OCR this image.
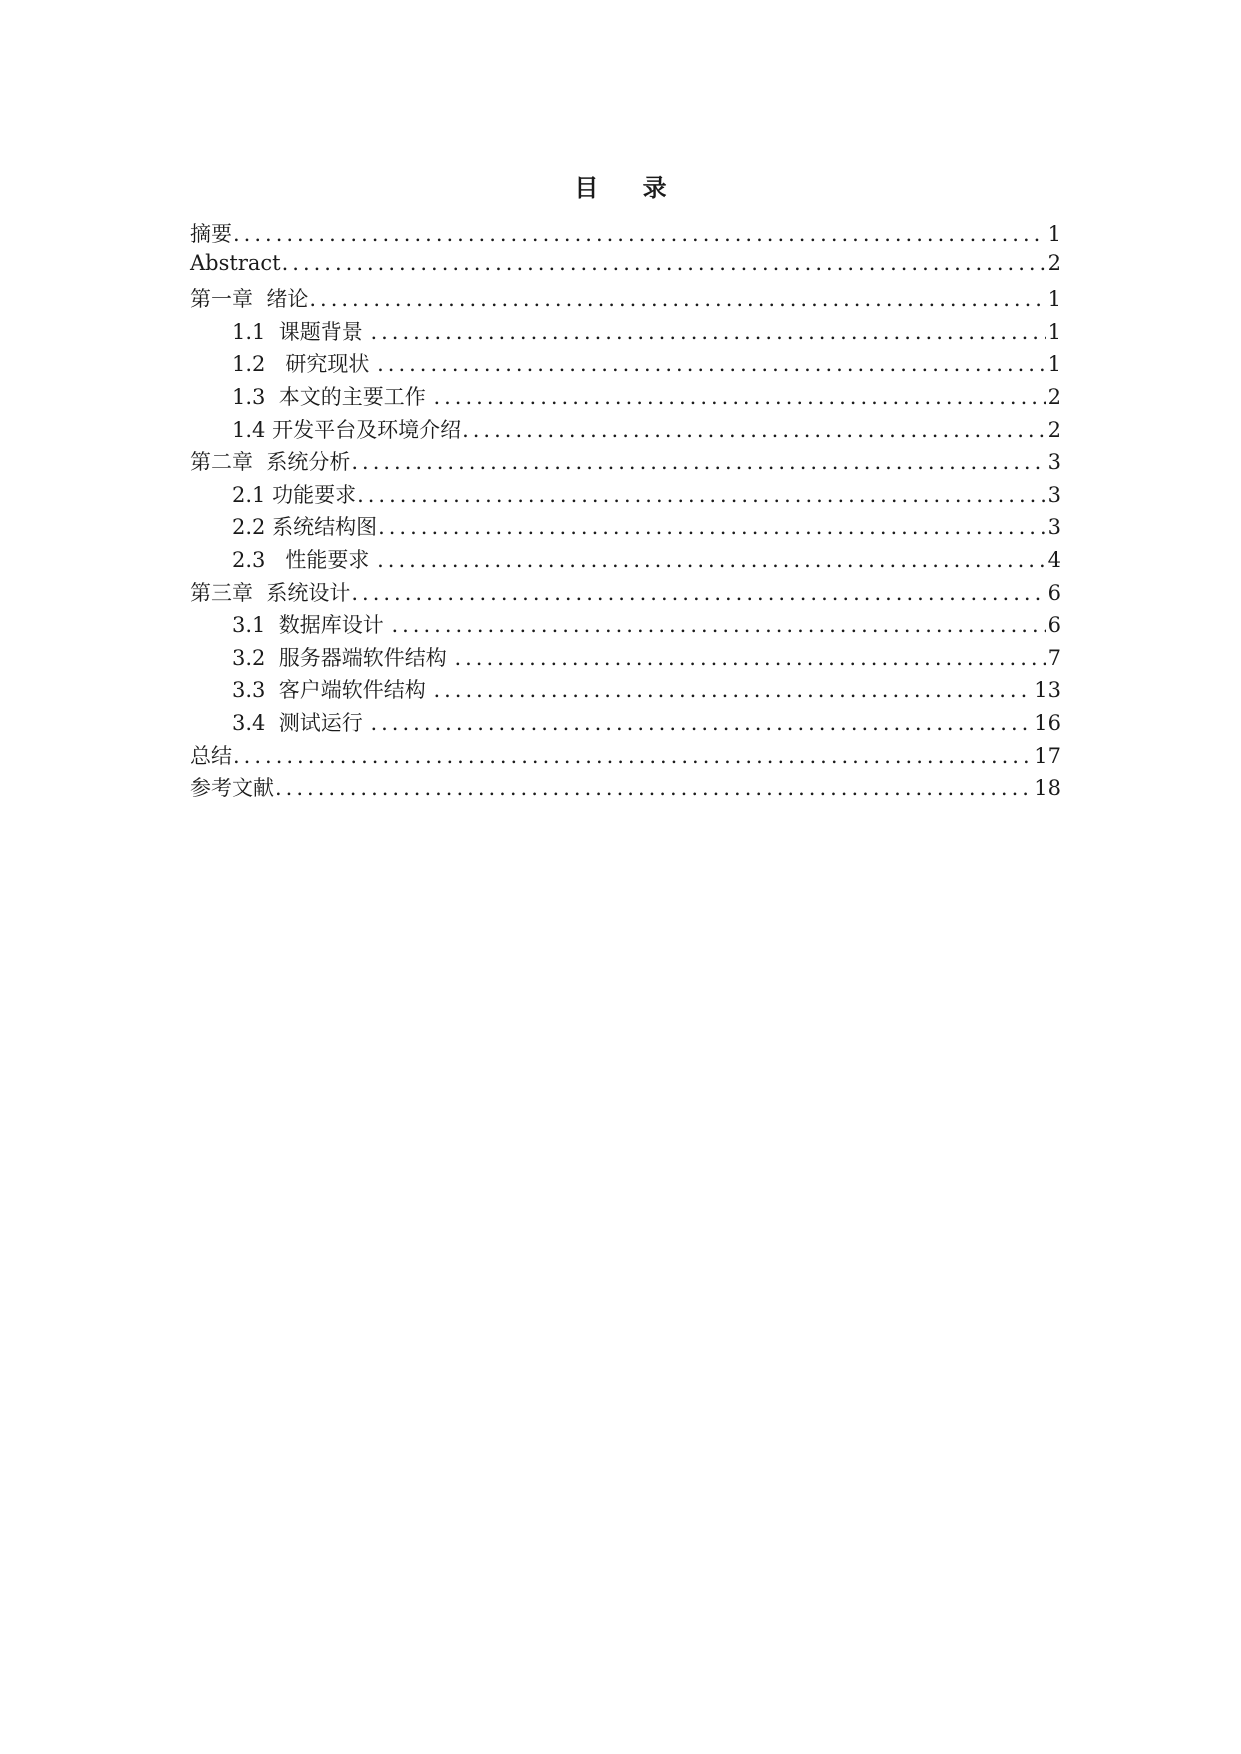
目 录
摘要 .....	1
Abstract .....	2
第一章  绪论 .....	1
1.1  课题背景 .....	1
1.2   研究现状 .....	1
1.3  本文的主要工作 .....	2
1.4 开发平台及环境介绍 .....	2
第二章  系统分析 .....	3
2.1 功能要求 .....	3
2.2 系统结构图 .....	3
2.3   性能要求 .....	4
第三章  系统设计 .....	6
3.1  数据库设计 .....	6
3.2  服务器端软件结构 .....	7
3.3  客户端软件结构 .....	13
3.4  测试运行 .....	16
总结 .....	17
参考文献 .....	18
